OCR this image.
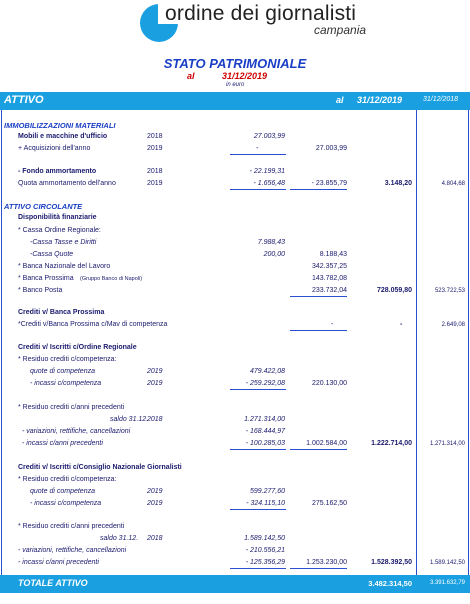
ordine dei giornalisti
campania
STATO PATRIMONIALE
al	31/12/2019
in euro
ATTIVO	al 31/12/2019	31/12/2018
IMMOBILIZZAZIONI MATERIALI
Mobili e macchine d'ufficio	2018	27.003,99
+ Acquisizioni dell'anno	2019	-	27.003,99
- Fondo ammortamento	2018	- 22.199,31
Quota ammortamento dell'anno	2019	- 1.656,48	- 23.855,79	3.148,20	4.804,68
ATTIVO CIRCOLANTE
Disponibilità finanziarie
* Cassa Ordine Regionale:
-Cassa Tasse e Diritti	7.988,43
-Cassa Quote	200,00	8.188,43
* Banca Nazionale del Lavoro	342.357,25
* Banca Prossima (Gruppo Banco di Napoli)	143.782,08
* Banco Posta	233.732,04	728.059,80	523.722,53
Crediti v/ Banca Prossima
*Crediti v/Banca Prossima c/Mav di competenza	-	-	2.649,08
Crediti v/ Iscritti c/Ordine Regionale
* Residuo crediti c/competenza:
quote di competenza	2019	479.422,08
- incassi c/competenza	2019	- 259.292,08	220.130,00
* Residuo crediti c/anni precedenti
saldo 31.12.
2018	1.271.314,00
- variazioni, rettifiche, cancellazioni	- 168.444,97
- incassi c/anni precedenti	- 100.285,03	1.002.584,00	1.222.714,00	1.271.314,00
Crediti v/ Iscritti c/Consiglio Nazionale Giornalisti
* Residuo crediti c/competenza:
quote di competenza	2019	599.277,60
- incassi c/competenza	2019	- 324.115,10	275.162,50
* Residuo crediti c/anni precedenti
saldo 31.12. 2018	1.589.142,50
- variazioni, rettifiche, cancellazioni	- 210.556,21
- incassi c/anni precedenti	- 125.356,29	1.253.230,00	1.528.392,50	1.589.142,50
TOTALE ATTIVO	3.482.314,50	3.391.632,79
